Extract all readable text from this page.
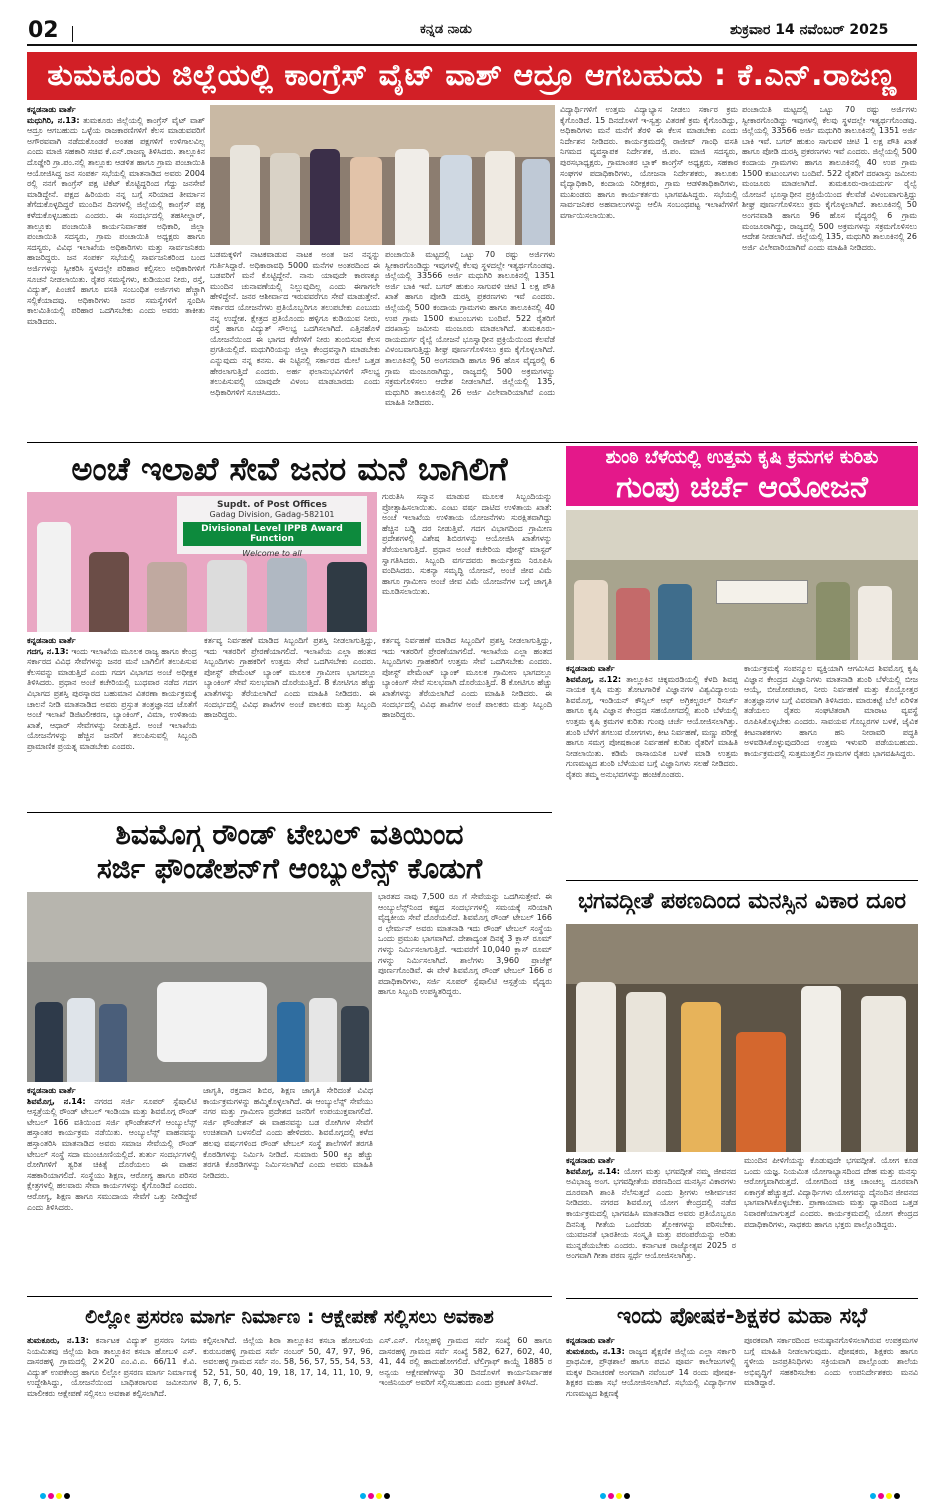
02	ಕನ್ನಡ ನಾಡು	ಶುಕ್ರವಾರ 14 ನವೆಂಬರ್ 2025
ತುಮಕೂರು ಜಿಲ್ಲೆಯಲ್ಲಿ ಕಾಂಗ್ರೆಸ್ ವೈಟ್ ವಾಶ್ ಆದ್ರೂ ಆಗಬಹುದು : ಕೆ.ಎನ್.ರಾಜಣ್ಣ
ಕನ್ನಡನಾಡು ವಾರ್ತೆ
ಮಧುಗಿರಿ, ನ.13: ತುಮಕೂರು ಜಿಲ್ಲೆಯಲ್ಲಿ ಕಾಂಗ್ರೆಸ್ ವೈಟ್ ವಾಶ್ ಆದ್ರೂ ಆಗಬಹುದು ಒಳ್ಳೆಯ ರಾಜಕಾರಣಿಗಳಿಗೆ ಕೆಲಸ ಮಾಡುವವರಿಗೆ ಅಗೌರವವಾಗಿ ನಡೆದುಕೊಂಡರೆ ಅಂತಹ ಪಕ್ಷಗಳಿಗೆ ಉಳಿಗಾಲವಿಲ್ಲ ಎಂದು ಮಾಜಿ ಸಹಕಾರಿ ಸಚಿವ ಕೆ.ಎನ್.ರಾಜಣ್ಣ ತಿಳಿಸಿದರು. ತಾಲ್ಲೂಕಿನ ದೊಡ್ಡೇರಿ ಗ್ರಾ.ಪಂ.ನಲ್ಲಿ ತಾಲ್ಲೂಕು ಆಡಳಿತ ಹಾಗೂ ಗ್ರಾಮ ಪಂಚಾಯಿತಿ ಆಯೋಜಿಸಿದ್ದ ಜನ ಸಂಪರ್ಕ ಸಭೆಯಲ್ಲಿ ಮಾತನಾಡಿದ ಅವರು 2004 ರಲ್ಲಿ ನನಗೆ ಕಾಂಗ್ರೆಸ್ ಪಕ್ಷ ಟಿಕೆಟ್ ಕೊಟ್ಟಿದ್ದರಿಂದ ಗೆದ್ದು ಜನಸೇವೆ ಮಾಡಿದ್ದೇನೆ. ಪಕ್ಷದ ಹಿರಿಯರು ನನ್ನ ಬಗ್ಗೆ ಸರಿಯಾದ ತೀರ್ಮಾನ ತೆಗೆದುಕೊಳ್ಳದಿದ್ದರೆ ಮುಂದಿನ ದಿನಗಳಲ್ಲಿ ಜಿಲ್ಲೆಯಲ್ಲಿ ಕಾಂಗ್ರೆಸ್ ಪಕ್ಷ ಕಳೆದುಕೊಳ್ಳಬಹುದು ಎಂದರು. ಈ ಸಂದರ್ಭದಲ್ಲಿ ತಹಸೀಲ್ದಾರ್, ತಾಲ್ಲೂಕು ಪಂಚಾಯಿತಿ ಕಾರ್ಯನಿರ್ವಾಹಕ ಅಧಿಕಾರಿ, ಜಿಲ್ಲಾ ಪಂಚಾಯಿತಿ ಸದಸ್ಯರು, ಗ್ರಾಮ ಪಂಚಾಯಿತಿ ಅಧ್ಯಕ್ಷರು ಹಾಗೂ ಸದಸ್ಯರು, ವಿವಿಧ ಇಲಾಖೆಯ ಅಧಿಕಾರಿಗಳು ಮತ್ತು ಸಾರ್ವಜನಿಕರು ಹಾಜರಿದ್ದರು. ಜನ ಸಂಪರ್ಕ ಸಭೆಯಲ್ಲಿ ಸಾರ್ವಜನಿಕರಿಂದ ಬಂದ ಅರ್ಜಿಗಳನ್ನು ಸ್ವೀಕರಿಸಿ ಸ್ಥಳದಲ್ಲೇ ಪರಿಹಾರ ಕಲ್ಪಿಸಲು ಅಧಿಕಾರಿಗಳಿಗೆ ಸೂಚನೆ ನೀಡಲಾಯಿತು. ರೈತರ ಸಮಸ್ಯೆಗಳು, ಕುಡಿಯುವ ನೀರು, ರಸ್ತೆ, ವಿದ್ಯುತ್, ಪಿಂಚಣಿ ಹಾಗೂ ವಸತಿ ಸಂಬಂಧಿತ ಅರ್ಜಿಗಳು ಹೆಚ್ಚಾಗಿ ಸಲ್ಲಿಕೆಯಾದವು. ಅಧಿಕಾರಿಗಳು ಜನರ ಸಮಸ್ಯೆಗಳಿಗೆ ಸ್ಪಂದಿಸಿ ಕಾಲಮಿತಿಯಲ್ಲಿ ಪರಿಹಾರ ಒದಗಿಸಬೇಕು ಎಂದು ಅವರು ತಾಕೀತು ಮಾಡಿದರು.
ಬಡಮಕ್ಕಳಿಗೆ ನಾಟಕವಾಡುವ ನಾಟಕ ಅಂತ ಜನ ನನ್ನನ್ನು ಗುರ್ತಿಸಿದ್ದಾರೆ. ಅಧಿಕಾರಾವಧಿ 5000 ಮನೆಗಳ ಅಂತರದಿಂದ ಈ ಬಡವರಿಗೆ ಮನೆ ಕೊಟ್ಟಿದ್ದೇನೆ. ನಾನು ಯಾವುದೇ ಕಾರಣಕ್ಕೂ ಮುಂದಿನ ಚುನಾವಣೆಯಲ್ಲಿ ನಿಲ್ಲುವುದಿಲ್ಲ ಎಂದು ಈಗಾಗಲೇ ಹೇಳಿದ್ದೇನೆ. ಜನರ ಆಶೀರ್ವಾದ ಇರುವವರೆಗೂ ಸೇವೆ ಮಾಡುತ್ತೇನೆ. ಸರ್ಕಾರದ ಯೋಜನೆಗಳು ಪ್ರತಿಯೊಬ್ಬರಿಗೂ ತಲುಪಬೇಕು ಎಂಬುದು ನನ್ನ ಉದ್ದೇಶ. ಕ್ಷೇತ್ರದ ಪ್ರತಿಯೊಂದು ಹಳ್ಳಿಗೂ ಕುಡಿಯುವ ನೀರು, ರಸ್ತೆ ಹಾಗೂ ವಿದ್ಯುತ್ ಸೌಲಭ್ಯ ಒದಗಿಸಲಾಗಿದೆ. ಎತ್ತಿನಹೊಳೆ ಯೋಜನೆಯಿಂದ ಈ ಭಾಗದ ಕೆರೆಗಳಿಗೆ ನೀರು ತುಂಬಿಸುವ ಕೆಲಸ ಪ್ರಗತಿಯಲ್ಲಿದೆ. ಮಧುಗಿರಿಯನ್ನು ಜಿಲ್ಲಾ ಕೇಂದ್ರವನ್ನಾಗಿ ಮಾಡಬೇಕು ಎನ್ನುವುದು ನನ್ನ ಕನಸು. ಈ ನಿಟ್ಟಿನಲ್ಲಿ ಸರ್ಕಾರದ ಮೇಲೆ ಒತ್ತಡ ಹೇರಲಾಗುತ್ತಿದೆ ಎಂದರು. ಅರ್ಹ ಫಲಾನುಭವಿಗಳಿಗೆ ಸೌಲಭ್ಯ ತಲುಪಿಸುವಲ್ಲಿ ಯಾವುದೇ ವಿಳಂಬ ಮಾಡಬಾರದು ಎಂದು ಅಧಿಕಾರಿಗಳಿಗೆ ಸೂಚಿಸಿದರು.
ಪಂಚಾಯಿತಿ ಮಟ್ಟದಲ್ಲಿ ಒಟ್ಟು 70 ರಷ್ಟು ಅರ್ಜಿಗಳು ಸ್ವೀಕಾರಗೊಂಡಿದ್ದು ಇವುಗಳಲ್ಲಿ ಕೆಲವು ಸ್ಥಳದಲ್ಲೇ ಇತ್ಯರ್ಥಗೊಂಡವು. ಜಿಲ್ಲೆಯಲ್ಲಿ 33566 ಅರ್ಜಿ ಮಧುಗಿರಿ ತಾಲೂಕಿನಲ್ಲಿ 1351 ಅರ್ಜಿ ಬಾಕಿ ಇವೆ. ಬಗರ್ ಹುಕುಂ ಸಾಗುವಳಿ ಚೀಟಿ 1 ಲಕ್ಷ ಪೌತಿ ಖಾತೆ ಹಾಗೂ ಪೋಡಿ ದುರಸ್ತಿ ಪ್ರಕರಣಗಳು ಇವೆ ಎಂದರು. ಜಿಲ್ಲೆಯಲ್ಲಿ 500 ಕಂದಾಯ ಗ್ರಾಮಗಳು ಹಾಗೂ ತಾಲೂಕಿನಲ್ಲಿ 40 ಉಪ ಗ್ರಾಮ 1500 ಕುಟುಂಬಗಳು ಬಂದಿವೆ. 522 ರೈತರಿಗೆ ದರಖಾಸ್ತು ಜಮೀನು ಮಂಜೂರು ಮಾಡಲಾಗಿದೆ. ತುಮಕೂರು-ರಾಯದುರ್ಗ ರೈಲ್ವೆ ಯೋಜನೆ ಭೂಸ್ವಾಧೀನ ಪ್ರಕ್ರಿಯೆಯಿಂದ ಕೆಲವೆಡೆ ವಿಳಂಬವಾಗುತ್ತಿದ್ದು ಶೀಘ್ರ ಪೂರ್ಣಗೊಳಿಸಲು ಕ್ರಮ ಕೈಗೊಳ್ಳಲಾಗಿದೆ. ತಾಲೂಕಿನಲ್ಲಿ 50 ಅಂಗನವಾಡಿ ಹಾಗೂ 96 ಹೊಸ ವೈದ್ಯರಲ್ಲಿ 6 ಗ್ರಾಮ ಮಂಜೂರಾಗಿದ್ದು, ರಾಜ್ಯದಲ್ಲಿ 500 ಅಕ್ರಮಗಳನ್ನು ಸಕ್ರಮಗೊಳಿಸಲು ಆದೇಶ ನೀಡಲಾಗಿದೆ. ಜಿಲ್ಲೆಯಲ್ಲಿ 135, ಮಧುಗಿರಿ ತಾಲೂಕಿನಲ್ಲಿ 26 ಅರ್ಜಿ ವಿಲೇವಾರಿಯಾಗಿವೆ ಎಂದು ಮಾಹಿತಿ ನೀಡಿದರು.
ವಿದ್ಯಾರ್ಥಿಗಳಿಗೆ ಉತ್ತಮ ವಿದ್ಯಾಭ್ಯಾಸ ನೀಡಲು ಸರ್ಕಾರ ಕ್ರಮ ಕೈಗೊಂಡಿದೆ. 15 ದಿನದೊಳಗೆ ಇ-ಸ್ವತ್ತು ವಿತರಣೆ ಕ್ರಮ ಕೈಗೊಂಡಿದ್ದು, ಅಧಿಕಾರಿಗಳು ಮನೆ ಮನೆಗೆ ತೆರಳಿ ಈ ಕೆಲಸ ಮಾಡಬೇಕು ಎಂದು ನಿರ್ದೇಶನ ನೀಡಿದರು. ಕಾರ್ಯಕ್ರಮದಲ್ಲಿ ರಾಜೀವ್ ಗಾಂಧಿ ವಸತಿ ನಿಗಮದ ವ್ಯವಸ್ಥಾಪಕ ನಿರ್ದೇಶಕ, ಜಿ.ಪಂ. ಮಾಜಿ ಸದಸ್ಯರು, ಪುರಸಭಾಧ್ಯಕ್ಷರು, ಗ್ರಾಮಾಂತರ ಬ್ಲಾಕ್ ಕಾಂಗ್ರೆಸ್ ಅಧ್ಯಕ್ಷರು, ಸಹಕಾರ ಸಂಘಗಳ ಪದಾಧಿಕಾರಿಗಳು, ಯೋಜನಾ ನಿರ್ದೇಶಕರು, ತಾಲೂಕು ವೈದ್ಯಾಧಿಕಾರಿ, ಕಂದಾಯ ನಿರೀಕ್ಷಕರು, ಗ್ರಾಮ ಆಡಳಿತಾಧಿಕಾರಿಗಳು, ಮುಖಂಡರು ಹಾಗೂ ಕಾರ್ಯಕರ್ತರು ಭಾಗವಹಿಸಿದ್ದರು. ಸಭೆಯಲ್ಲಿ ಸಾರ್ವಜನಿಕರ ಅಹವಾಲುಗಳನ್ನು ಆಲಿಸಿ ಸಂಬಂಧಪಟ್ಟ ಇಲಾಖೆಗಳಿಗೆ ವರ್ಗಾಯಿಸಲಾಯಿತು.
ಪಂಚಾಯಿತಿ ಮಟ್ಟದಲ್ಲಿ ಒಟ್ಟು 70 ರಷ್ಟು ಅರ್ಜಿಗಳು ಸ್ವೀಕಾರಗೊಂಡಿದ್ದು ಇವುಗಳಲ್ಲಿ ಕೆಲವು ಸ್ಥಳದಲ್ಲೇ ಇತ್ಯರ್ಥಗೊಂಡವು. ಜಿಲ್ಲೆಯಲ್ಲಿ 33566 ಅರ್ಜಿ ಮಧುಗಿರಿ ತಾಲೂಕಿನಲ್ಲಿ 1351 ಅರ್ಜಿ ಬಾಕಿ ಇವೆ. ಬಗರ್ ಹುಕುಂ ಸಾಗುವಳಿ ಚೀಟಿ 1 ಲಕ್ಷ ಪೌತಿ ಖಾತೆ ಹಾಗೂ ಪೋಡಿ ದುರಸ್ತಿ ಪ್ರಕರಣಗಳು ಇವೆ ಎಂದರು. ಜಿಲ್ಲೆಯಲ್ಲಿ 500 ಕಂದಾಯ ಗ್ರಾಮಗಳು ಹಾಗೂ ತಾಲೂಕಿನಲ್ಲಿ 40 ಉಪ ಗ್ರಾಮ 1500 ಕುಟುಂಬಗಳು ಬಂದಿವೆ. 522 ರೈತರಿಗೆ ದರಖಾಸ್ತು ಜಮೀನು ಮಂಜೂರು ಮಾಡಲಾಗಿದೆ. ತುಮಕೂರು-ರಾಯದುರ್ಗ ರೈಲ್ವೆ ಯೋಜನೆ ಭೂಸ್ವಾಧೀನ ಪ್ರಕ್ರಿಯೆಯಿಂದ ಕೆಲವೆಡೆ ವಿಳಂಬವಾಗುತ್ತಿದ್ದು ಶೀಘ್ರ ಪೂರ್ಣಗೊಳಿಸಲು ಕ್ರಮ ಕೈಗೊಳ್ಳಲಾಗಿದೆ. ತಾಲೂಕಿನಲ್ಲಿ 50 ಅಂಗನವಾಡಿ ಹಾಗೂ 96 ಹೊಸ ವೈದ್ಯರಲ್ಲಿ 6 ಗ್ರಾಮ ಮಂಜೂರಾಗಿದ್ದು, ರಾಜ್ಯದಲ್ಲಿ 500 ಅಕ್ರಮಗಳನ್ನು ಸಕ್ರಮಗೊಳಿಸಲು ಆದೇಶ ನೀಡಲಾಗಿದೆ. ಜಿಲ್ಲೆಯಲ್ಲಿ 135, ಮಧುಗಿರಿ ತಾಲೂಕಿನಲ್ಲಿ 26 ಅರ್ಜಿ ವಿಲೇವಾರಿಯಾಗಿವೆ ಎಂದು ಮಾಹಿತಿ ನೀಡಿದರು.
ಅಂಚೆ ಇಲಾಖೆ ಸೇವೆ ಜನರ ಮನೆ ಬಾಗಿಲಿಗೆ
Supdt. of Post Offices
Gadag Division, Gadag-582101
Divisional Level IPPB Award Function
Welcome to all
ಗುರುತಿಸಿ ಸನ್ಮಾನ ಮಾಡುವ ಮೂಲಕ ಸಿಬ್ಬಂದಿಯನ್ನು ಪ್ರೋತ್ಸಾಹಿಸಲಾಯಿತು. ಎಂಟು ವರ್ಷ ದಾಟಿದ ಉಳಿತಾಯ ಖಾತೆ: ಅಂಚೆ ಇಲಾಖೆಯ ಉಳಿತಾಯ ಯೋಜನೆಗಳು ಸುರಕ್ಷಿತವಾಗಿದ್ದು ಹೆಚ್ಚಿನ ಬಡ್ಡಿ ದರ ನೀಡುತ್ತಿವೆ. ಗದಗ ವಿಭಾಗದಿಂದ ಗ್ರಾಮೀಣ ಪ್ರದೇಶಗಳಲ್ಲಿ ವಿಶೇಷ ಶಿಬಿರಗಳನ್ನು ಆಯೋಜಿಸಿ ಖಾತೆಗಳನ್ನು ತೆರೆಯಲಾಗುತ್ತಿದೆ. ಪ್ರಧಾನ ಅಂಚೆ ಕಚೇರಿಯ ಪೋಸ್ಟ್ ಮಾಸ್ಟರ್ ಸ್ವಾಗತಿಸಿದರು. ಸಿಬ್ಬಂದಿ ವರ್ಗದವರು ಕಾರ್ಯಕ್ರಮ ನಿರೂಪಿಸಿ ವಂದಿಸಿದರು. ಸುಕನ್ಯಾ ಸಮೃದ್ಧಿ ಯೋಜನೆ, ಅಂಚೆ ಜೀವ ವಿಮೆ ಹಾಗೂ ಗ್ರಾಮೀಣ ಅಂಚೆ ಜೀವ ವಿಮೆ ಯೋಜನೆಗಳ ಬಗ್ಗೆ ಜಾಗೃತಿ ಮೂಡಿಸಲಾಯಿತು.
ಕನ್ನಡನಾಡು ವಾರ್ತೆ
ಗದಗ, ನ.13: ಇಂದು ಇಲಾಖೆಯ ಮೂಲಕ ರಾಜ್ಯ ಹಾಗೂ ಕೇಂದ್ರ ಸರ್ಕಾರದ ವಿವಿಧ ಸೇವೆಗಳನ್ನು ಜನರ ಮನೆ ಬಾಗಿಲಿಗೆ ತಲುಪಿಸುವ ಕೆಲಸವನ್ನು ಮಾಡುತ್ತಿದೆ ಎಂದು ಗದಗ ವಿಭಾಗದ ಅಂಚೆ ಅಧೀಕ್ಷಕ ತಿಳಿಸಿದರು. ಪ್ರಧಾನ ಅಂಚೆ ಕಚೇರಿಯಲ್ಲಿ ಬುಧವಾರ ನಡೆದ ಗದಗ ವಿಭಾಗದ ಪ್ರಶಸ್ತಿ ಪುರಸ್ಕಾರದ ಬಹುಮಾನ ವಿತರಣಾ ಕಾರ್ಯಕ್ರಮಕ್ಕೆ ಚಾಲನೆ ನೀಡಿ ಮಾತನಾಡಿದ ಅವರು ಪ್ರಸ್ತುತ ತಂತ್ರಜ್ಞಾನದ ಜೊತೆಗೆ ಅಂಚೆ ಇಲಾಖೆ ಡಿಜಿಟಲೀಕರಣ, ಬ್ಯಾಂಕಿಂಗ್, ವಿಮಾ, ಉಳಿತಾಯ ಖಾತೆ, ಆಧಾರ್ ಸೇವೆಗಳನ್ನು ನೀಡುತ್ತಿದೆ. ಅಂಚೆ ಇಲಾಖೆಯ ಯೋಜನೆಗಳನ್ನು ಹೆಚ್ಚಿನ ಜನರಿಗೆ ತಲುಪಿಸುವಲ್ಲಿ ಸಿಬ್ಬಂದಿ ಪ್ರಾಮಾಣಿಕ ಪ್ರಯತ್ನ ಮಾಡಬೇಕು ಎಂದರು.
ಕರ್ತವ್ಯ ನಿರ್ವಹಣೆ ಮಾಡಿದ ಸಿಬ್ಬಂದಿಗೆ ಪ್ರಶಸ್ತಿ ನೀಡಲಾಗುತ್ತಿದ್ದು, ಇದು ಇತರರಿಗೆ ಪ್ರೇರಣೆಯಾಗಲಿದೆ. ಇಲಾಖೆಯ ಎಲ್ಲಾ ಹಂತದ ಸಿಬ್ಬಂದಿಗಳು ಗ್ರಾಹಕರಿಗೆ ಉತ್ತಮ ಸೇವೆ ಒದಗಿಸಬೇಕು ಎಂದರು. ಪೋಸ್ಟ್ ಪೇಮೆಂಟ್ ಬ್ಯಾಂಕ್ ಮೂಲಕ ಗ್ರಾಮೀಣ ಭಾಗದಲ್ಲೂ ಬ್ಯಾಂಕಿಂಗ್ ಸೇವೆ ಸುಲಭವಾಗಿ ದೊರೆಯುತ್ತಿದೆ. 8 ಕೋಟಿಗೂ ಹೆಚ್ಚು ಖಾತೆಗಳನ್ನು ತೆರೆಯಲಾಗಿದೆ ಎಂದು ಮಾಹಿತಿ ನೀಡಿದರು. ಈ ಸಂದರ್ಭದಲ್ಲಿ ವಿವಿಧ ಶಾಖೆಗಳ ಅಂಚೆ ಪಾಲಕರು ಮತ್ತು ಸಿಬ್ಬಂದಿ ಹಾಜರಿದ್ದರು.
ಕರ್ತವ್ಯ ನಿರ್ವಹಣೆ ಮಾಡಿದ ಸಿಬ್ಬಂದಿಗೆ ಪ್ರಶಸ್ತಿ ನೀಡಲಾಗುತ್ತಿದ್ದು, ಇದು ಇತರರಿಗೆ ಪ್ರೇರಣೆಯಾಗಲಿದೆ. ಇಲಾಖೆಯ ಎಲ್ಲಾ ಹಂತದ ಸಿಬ್ಬಂದಿಗಳು ಗ್ರಾಹಕರಿಗೆ ಉತ್ತಮ ಸೇವೆ ಒದಗಿಸಬೇಕು ಎಂದರು. ಪೋಸ್ಟ್ ಪೇಮೆಂಟ್ ಬ್ಯಾಂಕ್ ಮೂಲಕ ಗ್ರಾಮೀಣ ಭಾಗದಲ್ಲೂ ಬ್ಯಾಂಕಿಂಗ್ ಸೇವೆ ಸುಲಭವಾಗಿ ದೊರೆಯುತ್ತಿದೆ. 8 ಕೋಟಿಗೂ ಹೆಚ್ಚು ಖಾತೆಗಳನ್ನು ತೆರೆಯಲಾಗಿದೆ ಎಂದು ಮಾಹಿತಿ ನೀಡಿದರು. ಈ ಸಂದರ್ಭದಲ್ಲಿ ವಿವಿಧ ಶಾಖೆಗಳ ಅಂಚೆ ಪಾಲಕರು ಮತ್ತು ಸಿಬ್ಬಂದಿ ಹಾಜರಿದ್ದರು.
ಶುಂಠಿ ಬೆಳೆಯಲ್ಲಿ ಉತ್ತಮ ಕೃಷಿ ಕ್ರಮಗಳ ಕುರಿತು
ಗುಂಪು ಚರ್ಚೆ ಆಯೋಜನೆ
ಕನ್ನಡನಾಡು ವಾರ್ತೆ
ಶಿವಮೊಗ್ಗ, ನ.12: ತಾಲ್ಲೂಕಿನ ಚಿಕ್ಕಮರಡಿಯಲ್ಲಿ ಕೆಳದಿ ಶಿವಪ್ಪ ನಾಯಕ ಕೃಷಿ ಮತ್ತು ತೋಟಗಾರಿಕೆ ವಿಜ್ಞಾನಗಳ ವಿಶ್ವವಿದ್ಯಾಲಯ ಶಿವಮೊಗ್ಗ, ಇಂಡಿಯನ್ ಕೌನ್ಸಿಲ್ ಆಫ್ ಅಗ್ರಿಕಲ್ಚರಲ್ ರಿಸರ್ಚ್ ಹಾಗೂ ಕೃಷಿ ವಿಜ್ಞಾನ ಕೇಂದ್ರದ ಸಹಯೋಗದಲ್ಲಿ ಶುಂಠಿ ಬೆಳೆಯಲ್ಲಿ ಉತ್ತಮ ಕೃಷಿ ಕ್ರಮಗಳ ಕುರಿತು ಗುಂಪು ಚರ್ಚೆ ಆಯೋಜಿಸಲಾಗಿತ್ತು. ಶುಂಠಿ ಬೆಳೆಗೆ ತಗಲುವ ರೋಗಗಳು, ಕೀಟ ನಿರ್ವಹಣೆ, ಮಣ್ಣು ಪರೀಕ್ಷೆ ಹಾಗೂ ಸಮಗ್ರ ಪೋಷಕಾಂಶ ನಿರ್ವಹಣೆ ಕುರಿತು ರೈತರಿಗೆ ಮಾಹಿತಿ ನೀಡಲಾಯಿತು. ಕಡಿಮೆ ರಾಸಾಯನಿಕ ಬಳಕೆ ಮಾಡಿ ಉತ್ತಮ ಗುಣಮಟ್ಟದ ಶುಂಠಿ ಬೆಳೆಯುವ ಬಗ್ಗೆ ವಿಜ್ಞಾನಿಗಳು ಸಲಹೆ ನೀಡಿದರು. ರೈತರು ತಮ್ಮ ಅನುಭವಗಳನ್ನು ಹಂಚಿಕೊಂಡರು.
ಕಾರ್ಯಕ್ರಮಕ್ಕೆ ಸಂಪನ್ಮೂಲ ವ್ಯಕ್ತಿಯಾಗಿ ಆಗಮಿಸಿದ ಶಿವಮೊಗ್ಗ ಕೃಷಿ ವಿಜ್ಞಾನ ಕೇಂದ್ರದ ವಿಜ್ಞಾನಿಗಳು ಮಾತನಾಡಿ ಶುಂಠಿ ಬೆಳೆಯಲ್ಲಿ ಬೀಜ ಆಯ್ಕೆ, ಬೀಜೋಪಚಾರ, ನೀರು ನಿರ್ವಹಣೆ ಮತ್ತು ಕೊಯ್ಲೋತ್ತರ ತಂತ್ರಜ್ಞಾನಗಳ ಬಗ್ಗೆ ವಿವರವಾಗಿ ತಿಳಿಸಿದರು. ಮಾರುಕಟ್ಟೆ ಬೆಲೆ ಏರಿಳಿತ ತಡೆಯಲು ರೈತರು ಸಂಘಟಿತರಾಗಿ ಮಾರಾಟ ವ್ಯವಸ್ಥೆ ರೂಪಿಸಿಕೊಳ್ಳಬೇಕು ಎಂದರು. ಸಾವಯವ ಗೊಬ್ಬರಗಳ ಬಳಕೆ, ಜೈವಿಕ ಕೀಟನಾಶಕಗಳು ಹಾಗೂ ಹನಿ ನೀರಾವರಿ ಪದ್ಧತಿ ಅಳವಡಿಸಿಕೊಳ್ಳುವುದರಿಂದ ಉತ್ತಮ ಇಳುವರಿ ಪಡೆಯಬಹುದು. ಕಾರ್ಯಕ್ರಮದಲ್ಲಿ ಸುತ್ತಮುತ್ತಲಿನ ಗ್ರಾಮಗಳ ರೈತರು ಭಾಗವಹಿಸಿದ್ದರು.
ಶಿವಮೊಗ್ಗ ರೌಂಡ್ ಟೇಬಲ್ ವತಿಯಿಂದ
ಸರ್ಜಿ ಫೌಂಡೇಶನ್‌ಗೆ ಆಂಬ್ಯುಲೆನ್ಸ್ ಕೊಡುಗೆ
ಭಾರತದ ನಾವು 7,500 ರೂ ಗೆ ಸೇವೆಯನ್ನು ಒದಗಿಸುತ್ತೇವೆ. ಈ ಆಂಬ್ಯುಲೆನ್ಸ್‌ನಿಂದ ಕಷ್ಟದ ಸಂದರ್ಭಗಳಲ್ಲಿ ಸಮಯಕ್ಕೆ ಸರಿಯಾಗಿ ವೈದ್ಯಕೀಯ ಸೇವೆ ದೊರೆಯಲಿದೆ. ಶಿವಮೊಗ್ಗ ರೌಂಡ್ ಟೇಬಲ್ 166 ರ ಛೇರ್ಮನ್ ಅವರು ಮಾತನಾಡಿ ಇದು ರೌಂಡ್ ಟೇಬಲ್ ಸಂಸ್ಥೆಯ ಒಂದು ಪ್ರಮುಖ ಭಾಗವಾಗಿದೆ. ದೇಶಾದ್ಯಂತ ದಿನಕ್ಕೆ 3 ಕ್ಲಾಸ್ ರೂಮ್ ಗಳನ್ನು ನಿರ್ಮಿಸಲಾಗುತ್ತಿದೆ. ಇದುವರೆಗೆ 10,040 ಕ್ಲಾಸ್ ರೂಮ್ ಗಳನ್ನು ನಿರ್ಮಿಸಲಾಗಿದೆ. ಶಾಲೆಗಳು 3,960 ಪ್ರಾಜೆಕ್ಟ್ ಪೂರ್ಣಗೊಂಡಿವೆ. ಈ ವೇಳೆ ಶಿವಮೊಗ್ಗ ರೌಂಡ್ ಟೇಬಲ್ 166 ರ ಪದಾಧಿಕಾರಿಗಳು, ಸರ್ಜಿ ಸೂಪರ್ ಸ್ಪೆಷಾಲಿಟಿ ಆಸ್ಪತ್ರೆಯ ವೈದ್ಯರು ಹಾಗೂ ಸಿಬ್ಬಂದಿ ಉಪಸ್ಥಿತರಿದ್ದರು.
ಕನ್ನಡನಾಡು ವಾರ್ತೆ
ಶಿವಮೊಗ್ಗ, ನ.14: ನಗರದ ಸರ್ಜಿ ಸೂಪರ್ ಸ್ಪೆಷಾಲಿಟಿ ಆಸ್ಪತ್ರೆಯಲ್ಲಿ ರೌಂಡ್ ಟೇಬಲ್ ಇಂಡಿಯಾ ಮತ್ತು ಶಿವಮೊಗ್ಗ ರೌಂಡ್ ಟೇಬಲ್ 166 ವತಿಯಿಂದ ಸರ್ಜಿ ಫೌಂಡೇಶನ್‌ಗೆ ಆಂಬ್ಯುಲೆನ್ಸ್ ಹಸ್ತಾಂತರ ಕಾರ್ಯಕ್ರಮ ನಡೆಯಿತು. ಆಂಬ್ಯುಲೆನ್ಸ್ ವಾಹನವನ್ನು ಹಸ್ತಾಂತರಿಸಿ ಮಾತನಾಡಿದ ಅವರು ಸಮಾಜ ಸೇವೆಯಲ್ಲಿ ರೌಂಡ್ ಟೇಬಲ್ ಸಂಸ್ಥೆ ಸದಾ ಮುಂಚೂಣಿಯಲ್ಲಿದೆ. ತುರ್ತು ಸಂದರ್ಭಗಳಲ್ಲಿ ರೋಗಿಗಳಿಗೆ ತ್ವರಿತ ಚಿಕಿತ್ಸೆ ದೊರೆಯಲು ಈ ವಾಹನ ಸಹಕಾರಿಯಾಗಲಿದೆ. ಸಂಸ್ಥೆಯು ಶಿಕ್ಷಣ, ಆರೋಗ್ಯ ಹಾಗೂ ಪರಿಸರ ಕ್ಷೇತ್ರಗಳಲ್ಲಿ ಹಲವಾರು ಸೇವಾ ಕಾರ್ಯಗಳನ್ನು ಕೈಗೊಂಡಿದೆ ಎಂದರು. ಆರೋಗ್ಯ, ಶಿಕ್ಷಣ ಹಾಗೂ ಸಮುದಾಯ ಸೇವೆಗೆ ಒತ್ತು ನೀಡಿದ್ದೇವೆ ಎಂದು ತಿಳಿಸಿದರು.
ಜಾಗೃತಿ, ರಕ್ತದಾನ ಶಿಬಿರ, ಶಿಕ್ಷಣ ಜಾಗೃತಿ ಸೇರಿದಂತೆ ವಿವಿಧ ಕಾರ್ಯಕ್ರಮಗಳನ್ನು ಹಮ್ಮಿಕೊಳ್ಳಲಾಗಿದೆ. ಈ ಆಂಬ್ಯುಲೆನ್ಸ್ ಸೇವೆಯು ನಗರ ಮತ್ತು ಗ್ರಾಮೀಣ ಪ್ರದೇಶದ ಜನರಿಗೆ ಉಪಯುಕ್ತವಾಗಲಿದೆ. ಸರ್ಜಿ ಫೌಂಡೇಶನ್ ಈ ವಾಹನವನ್ನು ಬಡ ರೋಗಿಗಳ ಸೇವೆಗೆ ಉಚಿತವಾಗಿ ಬಳಸಲಿದೆ ಎಂದು ಹೇಳಿದರು. ಶಿವಮೊಗ್ಗದಲ್ಲಿ ಕಳೆದ ಹಲವು ವರ್ಷಗಳಿಂದ ರೌಂಡ್ ಟೇಬಲ್ ಸಂಸ್ಥೆ ಶಾಲೆಗಳಿಗೆ ತರಗತಿ ಕೊಠಡಿಗಳನ್ನು ನಿರ್ಮಿಸಿ ನೀಡಿದೆ. ಸುಮಾರು 500 ಕ್ಕೂ ಹೆಚ್ಚು ತರಗತಿ ಕೊಠಡಿಗಳನ್ನು ನಿರ್ಮಿಸಲಾಗಿದೆ ಎಂದು ಅವರು ಮಾಹಿತಿ ನೀಡಿದರು.
ಭಗವದ್ಗೀತೆ ಪಠಣದಿಂದ ಮನಸ್ಸಿನ ವಿಕಾರ ದೂರ
ಕನ್ನಡನಾಡು ವಾರ್ತೆ
ಶಿವಮೊಗ್ಗ, ನ.14: ಯೋಗ ಮತ್ತು ಭಗವದ್ಗೀತೆ ನಮ್ಮ ಜೀವನದ ಅವಿಭಾಜ್ಯ ಅಂಗ. ಭಗವದ್ಗೀತೆಯ ಪಠಣದಿಂದ ಮನಸ್ಸಿನ ವಿಕಾರಗಳು ದೂರವಾಗಿ ಶಾಂತಿ ನೆಲೆಸುತ್ತದೆ ಎಂದು ಶ್ರೀಗಳು ಆಶೀರ್ವಚನ ನೀಡಿದರು. ನಗರದ ಶಿವಮೊಗ್ಗ ಯೋಗ ಕೇಂದ್ರದಲ್ಲಿ ನಡೆದ ಕಾರ್ಯಕ್ರಮದಲ್ಲಿ ಭಾಗವಹಿಸಿ ಮಾತನಾಡಿದ ಅವರು ಪ್ರತಿಯೊಬ್ಬರೂ ದಿನನಿತ್ಯ ಗೀತೆಯ ಒಂದೆರಡು ಶ್ಲೋಕಗಳನ್ನು ಪಠಿಸಬೇಕು. ಯುವಜನತೆ ಭಾರತೀಯ ಸಂಸ್ಕೃತಿ ಮತ್ತು ಪರಂಪರೆಯನ್ನು ಅರಿತು ಮುನ್ನಡೆಯಬೇಕು ಎಂದರು. ಕರ್ನಾಟಕ ರಾಜ್ಯೋತ್ಸವ 2025 ರ ಅಂಗವಾಗಿ ಗೀತಾ ಪಠಣ ಸ್ಪರ್ಧೆ ಆಯೋಜಿಸಲಾಗಿತ್ತು.
ಮುಂದಿನ ಪೀಳಿಗೆಯನ್ನು ಕೊಡುವುದೇ ಭಗವದ್ಗೀತೆ. ಯೋಗ ಕೂಡ ಒಂದು ಯಜ್ಞ. ನಿಯಮಿತ ಯೋಗಾಭ್ಯಾಸದಿಂದ ದೇಹ ಮತ್ತು ಮನಸ್ಸು ಆರೋಗ್ಯವಾಗಿರುತ್ತದೆ. ಯೋಗದಿಂದ ಚಿತ್ತ ಚಾಂಚಲ್ಯ ದೂರವಾಗಿ ಏಕಾಗ್ರತೆ ಹೆಚ್ಚುತ್ತದೆ. ವಿದ್ಯಾರ್ಥಿಗಳು ಯೋಗವನ್ನು ದೈನಂದಿನ ಜೀವನದ ಭಾಗವಾಗಿಸಿಕೊಳ್ಳಬೇಕು. ಪ್ರಾಣಾಯಾಮ ಮತ್ತು ಧ್ಯಾನದಿಂದ ಒತ್ತಡ ನಿವಾರಣೆಯಾಗುತ್ತದೆ ಎಂದರು. ಕಾರ್ಯಕ್ರಮದಲ್ಲಿ ಯೋಗ ಕೇಂದ್ರದ ಪದಾಧಿಕಾರಿಗಳು, ಸಾಧಕರು ಹಾಗೂ ಭಕ್ತರು ಪಾಲ್ಗೊಂಡಿದ್ದರು.
ಲಿಲ್ಲೋ ಪ್ರಸರಣ ಮಾರ್ಗ ನಿರ್ಮಾಣ : ಆಕ್ಷೇಪಣೆ ಸಲ್ಲಿಸಲು ಅವಕಾಶ
ತುಮಕೂರು, ನ.13: ಕರ್ನಾಟಕ ವಿದ್ಯುತ್ ಪ್ರಸರಣ ನಿಗಮ ನಿಯಮಿತವು ಜಿಲ್ಲೆಯ ಶಿರಾ ತಾಲ್ಲೂಕಿನ ಕಸಬಾ ಹೋಬಳಿ ಎಸ್. ದಾಸರಹಳ್ಳಿ ಗ್ರಾಮದಲ್ಲಿ 2×20 ಎಂ.ವಿ.ಎ. 66/11 ಕೆ.ವಿ. ವಿದ್ಯುತ್ ಉಪಕೇಂದ್ರ ಹಾಗೂ ಲಿಲ್ಲೋ ಪ್ರಸರಣ ಮಾರ್ಗ ನಿರ್ಮಾಣಕ್ಕೆ ಉದ್ದೇಶಿಸಿದ್ದು, ಯೋಜನೆಯಿಂದ ಬಾಧಿತರಾಗುವ ಜಮೀನುಗಳ ಮಾಲೀಕರು ಆಕ್ಷೇಪಣೆ ಸಲ್ಲಿಸಲು ಅವಕಾಶ ಕಲ್ಪಿಸಲಾಗಿದೆ.
ಕಲ್ಪಿಸಲಾಗಿದೆ. ಜಿಲ್ಲೆಯ ಶಿರಾ ತಾಲ್ಲೂಕಿನ ಕಸಬಾ ಹೋಬಳಿಯ ಕುರುಬರಹಳ್ಳಿ ಗ್ರಾಮದ ಸರ್ವೆ ನಂಬರ್ 50, 47, 97, 96, ಅವಲಹಳ್ಳಿ ಗ್ರಾಮದ ಸರ್ವೆ ನಂ. 58, 56, 57, 55, 54, 53, 52, 51, 50, 40, 19, 18, 17, 14, 11, 10, 9, 8, 7, 6, 5.
ಎಸ್.ಎಸ್. ಗೊಲ್ಲಹಳ್ಳಿ ಗ್ರಾಮದ ಸರ್ವೆ ಸಂಖ್ಯೆ 60 ಹಾಗೂ ದಾಸರಹಳ್ಳಿ ಗ್ರಾಮದ ಸರ್ವೆ ಸಂಖ್ಯೆ 582, 627, 602, 40, 41, 44 ರಲ್ಲಿ ಹಾದುಹೋಗಲಿದೆ. ಟೆಲಿಗ್ರಾಫ್ ಕಾಯ್ದೆ 1885 ರ ಅನ್ವಯ ಆಕ್ಷೇಪಣೆಗಳನ್ನು 30 ದಿನದೊಳಗೆ ಕಾರ್ಯನಿರ್ವಾಹಕ ಇಂಜಿನಿಯರ್ ಅವರಿಗೆ ಸಲ್ಲಿಸಬಹುದು ಎಂದು ಪ್ರಕಟಣೆ ತಿಳಿಸಿದೆ.
ಇಂದು ಪೋಷಕ-ಶಿಕ್ಷಕರ ಮಹಾ ಸಭೆ
ಕನ್ನಡನಾಡು ವಾರ್ತೆ
ತುಮಕೂರು, ನ.13: ರಾಜ್ಯದ ಶೈಕ್ಷಣಿಕ ಜಿಲ್ಲೆಯ ಎಲ್ಲಾ ಸರ್ಕಾರಿ ಪ್ರಾಥಮಿಕ, ಪ್ರೌಢಶಾಲೆ ಹಾಗೂ ಪದವಿ ಪೂರ್ವ ಕಾಲೇಜುಗಳಲ್ಲಿ ಮಕ್ಕಳ ದಿನಾಚರಣೆ ಅಂಗವಾಗಿ ನವೆಂಬರ್ 14 ರಂದು ಪೋಷಕ-ಶಿಕ್ಷಕರ ಮಹಾ ಸಭೆ ಆಯೋಜಿಸಲಾಗಿದೆ. ಸಭೆಯಲ್ಲಿ ವಿದ್ಯಾರ್ಥಿಗಳ ಗುಣಮಟ್ಟದ ಶಿಕ್ಷಣಕ್ಕೆ
ಪೂರಕವಾಗಿ ಸರ್ಕಾರದಿಂದ ಅನುಷ್ಠಾನಗೊಳಿಸಲಾಗಿರುವ ಉಪಕ್ರಮಗಳ ಬಗ್ಗೆ ಮಾಹಿತಿ ನೀಡಲಾಗುವುದು. ಪೋಷಕರು, ಶಿಕ್ಷಕರು ಹಾಗೂ ಸ್ಥಳೀಯ ಜನಪ್ರತಿನಿಧಿಗಳು ಸಕ್ರಿಯವಾಗಿ ಪಾಲ್ಗೊಂಡು ಶಾಲೆಯ ಅಭಿವೃದ್ಧಿಗೆ ಸಹಕರಿಸಬೇಕು ಎಂದು ಉಪನಿರ್ದೇಶಕರು ಮನವಿ ಮಾಡಿದ್ದಾರೆ.
